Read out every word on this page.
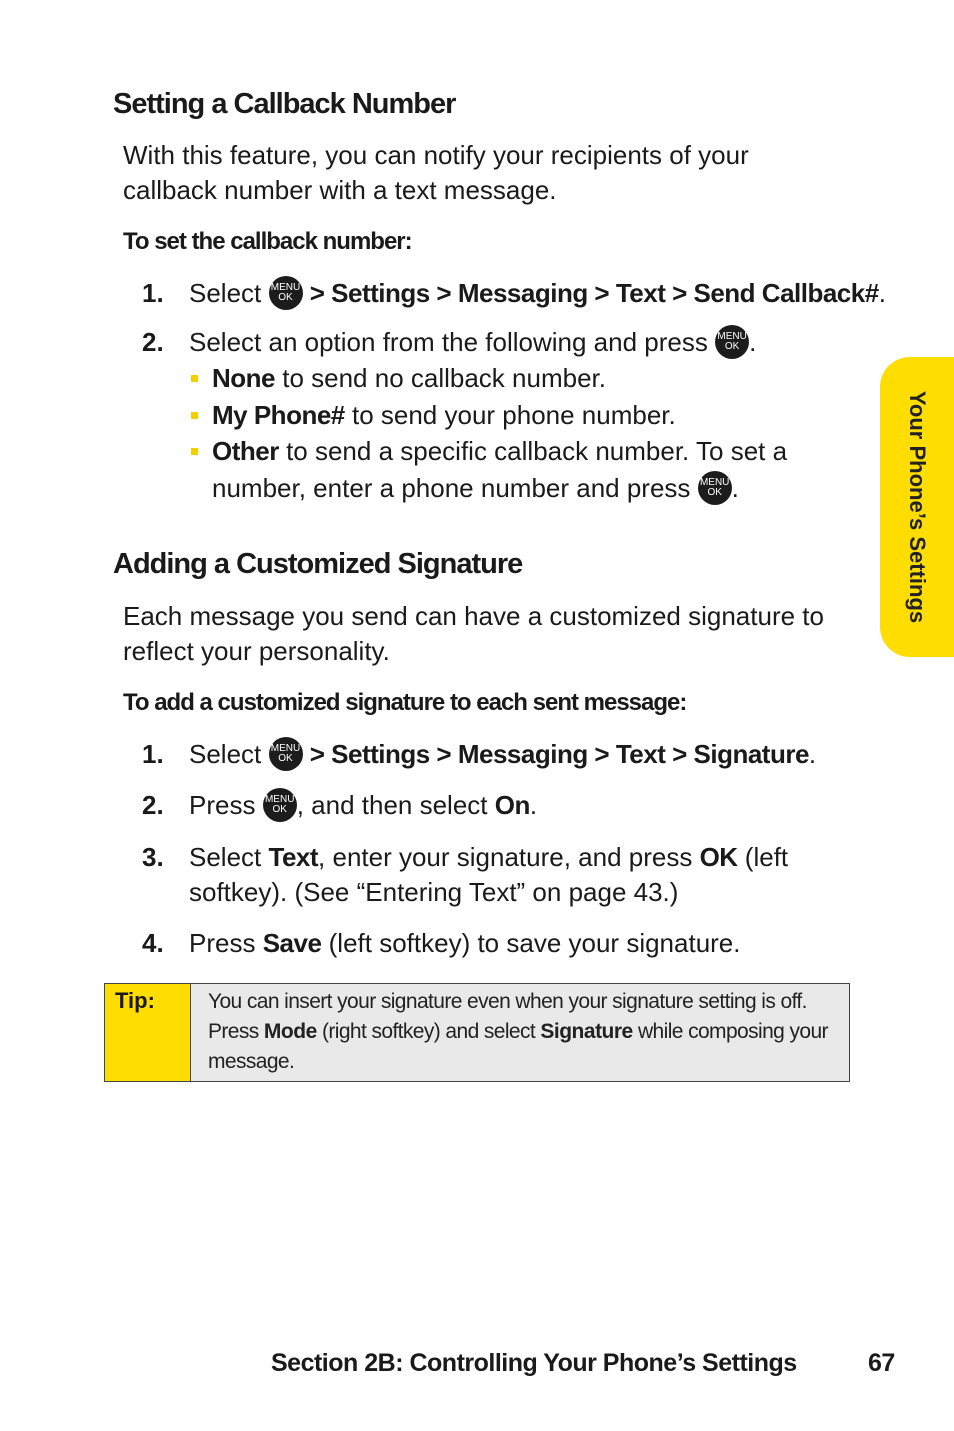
Setting a Callback Number
With this feature, you can notify your recipients of your callback number with a text message.
To set the callback number:
1. Select MENU
OK > Settings > Messaging > Text > Send Callback#.
2. Select an option from the following and press MENU
OK .
None to send no callback number.
My Phone# to send your phone number.
Other to send a specific callback number. To set a
number, enter a phone number and press MENU
OK .
Adding a Customized Signature
Each message you send can have a customized signature to reflect your personality.
To add a customized signature to each sent message:
1. Select MENU
OK > Settings > Messaging > Text > Signature.
2. Press MENU
OK , and then select On.
3. Select Text, enter your signature, and press OK (left
softkey). (See “Entering Text” on page 43.)
4. Press Save (left softkey) to save your signature.
Tip:	You can insert your signature even when your signature setting is off. Press Mode (right softkey) and select Signature while composing your message.
Your Phone’s Settings
Section 2B: Controlling Your Phone’s Settings	67
